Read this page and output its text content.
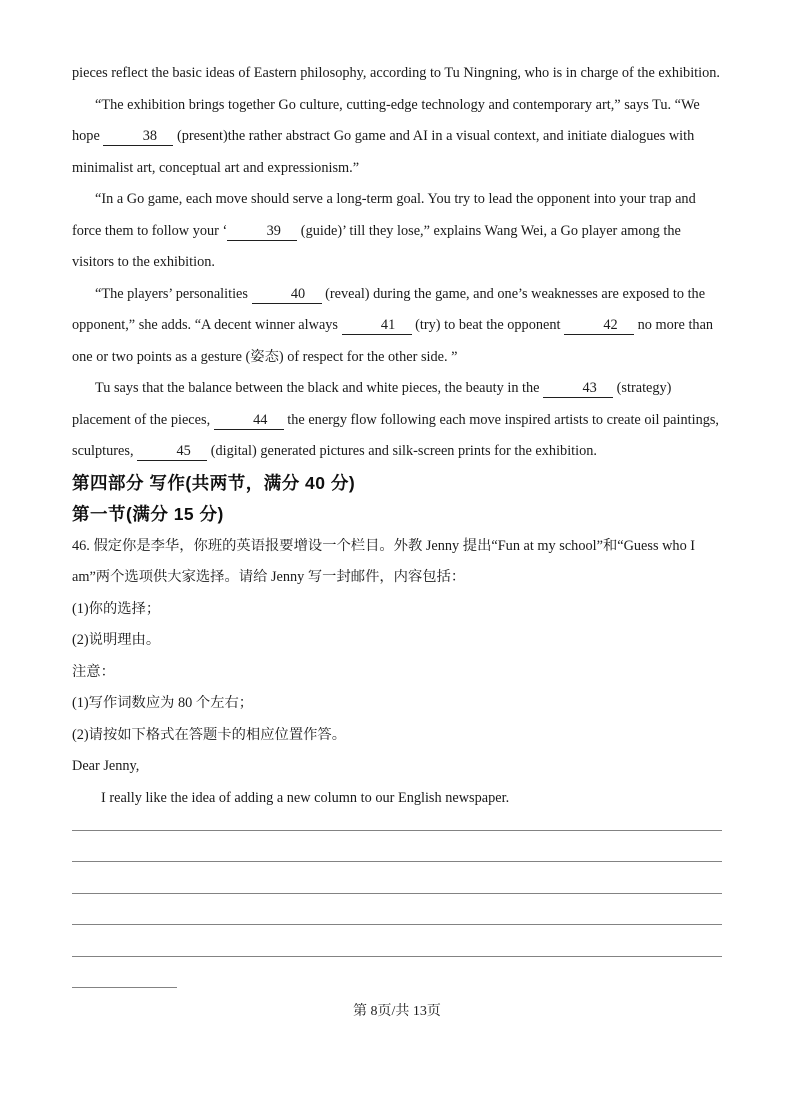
pieces reflect the basic ideas of Eastern philosophy, according to Tu Ningning, who is in charge of the exhibition.

“The exhibition brings together Go culture, cutting-edge technology and contemporary art,” says Tu. “We hope	38 (present)the rather abstract Go game and AI in a visual context, and initiate dialogues with minimalist art, conceptual art and expressionism.”

“In a Go game, each move should serve a long-term goal. You try to lead the opponent into your trap and force them to follow your ‘	39 (guide)’ till they lose,” explains Wang Wei, a Go player among the visitors to the exhibition.

“The players’ personalities	40 (reveal) during the game, and one’s weaknesses are exposed to the opponent,” she adds. “A decent winner always	41 (try) to beat the opponent	42 no more than one or two points as a gesture (姿态) of respect for the other side. ”

Tu says that the balance between the black and white pieces, the beauty in the	43 (strategy) placement of the pieces,	44 the energy flow following each move inspired artists to create oil paintings, sculptures,	45 (digital) generated pictures and silk-screen prints for the exhibition.

第四部分 写作(共两节，满分 40 分)
第一节(满分 15 分)

46. 假定你是李华，你班的英语报要增设一个栏目。外教 Jenny 提出“Fun at my school”和“Guess who I am”两个选项供大家选择。请给 Jenny 写一封邮件，内容包括：

(1)你的选择；

(2)说明理由。

注意：

(1)写作词数应为 80 个左右；

(2)请按如下格式在答题卡的相应位置作答。

Dear Jenny,

I really like the idea of adding a new column to our English newspaper.

第 8页/共 13页
